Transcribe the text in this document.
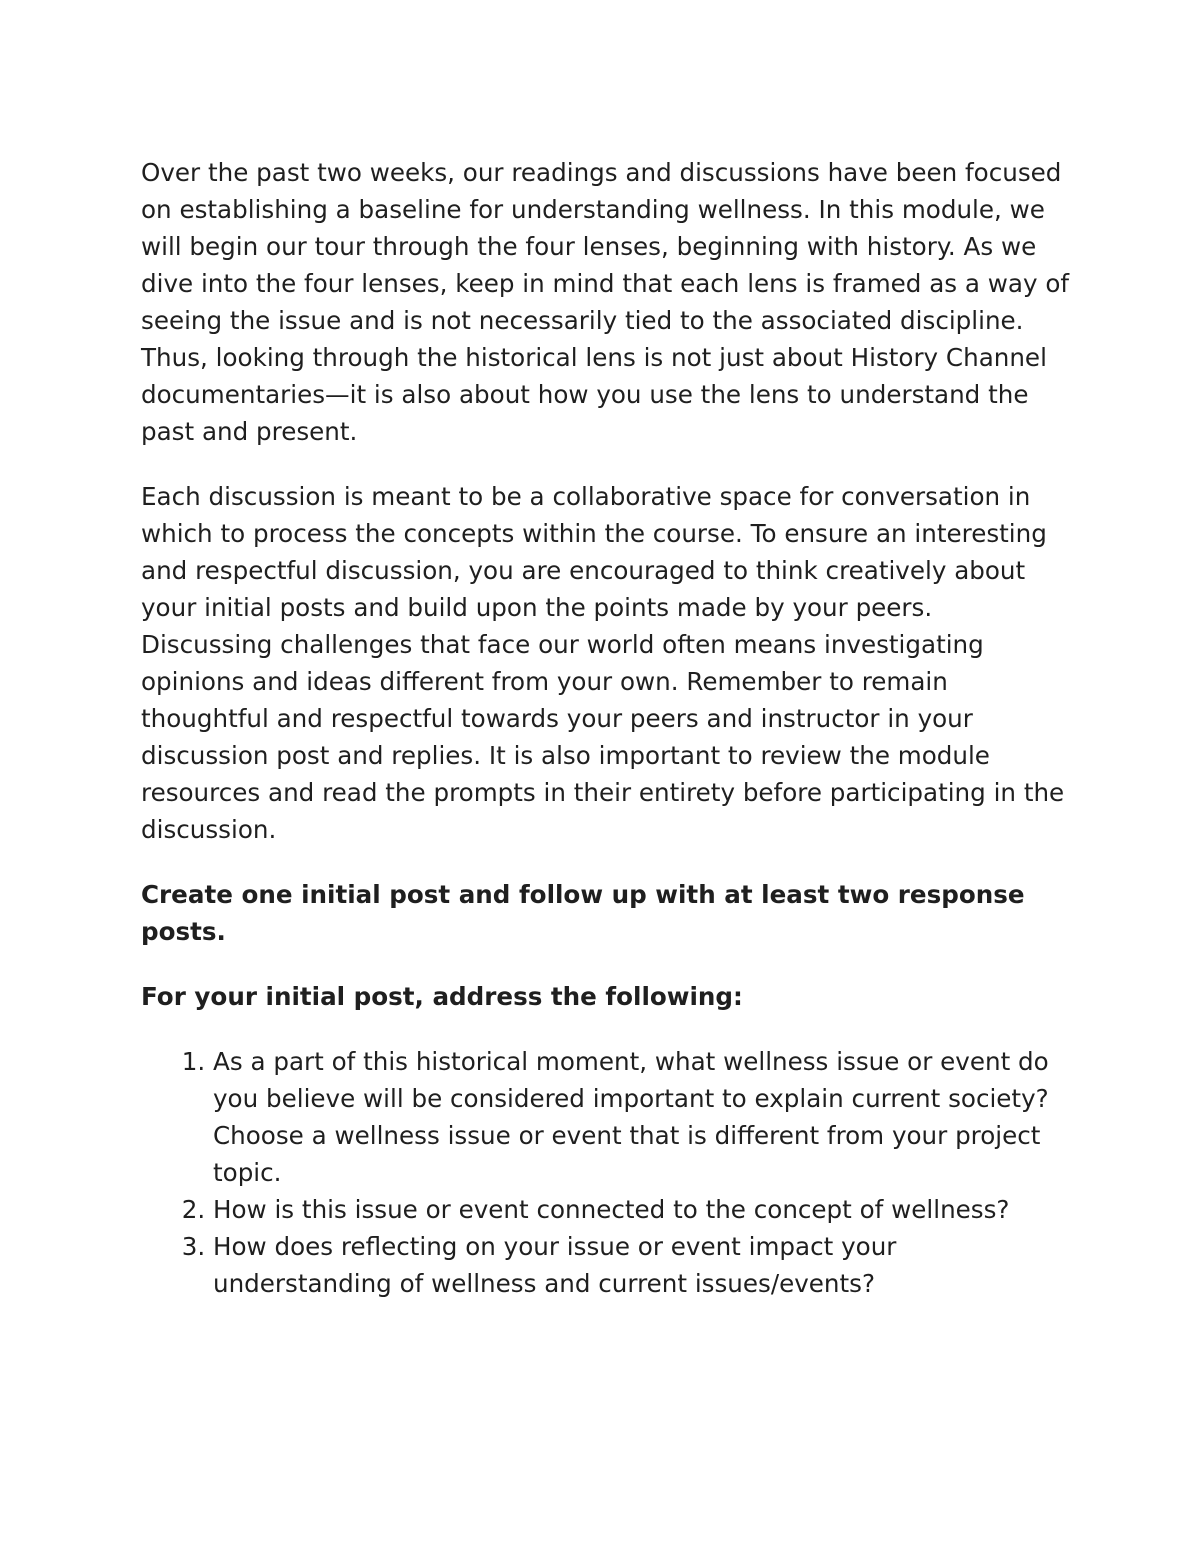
Over the past two weeks, our readings and discussions have been focused on establishing a baseline for understanding wellness. In this module, we will begin our tour through the four lenses, beginning with history. As we dive into the four lenses, keep in mind that each lens is framed as a way of seeing the issue and is not necessarily tied to the associated discipline. Thus, looking through the historical lens is not just about History Channel documentaries—it is also about how you use the lens to understand the past and present.

Each discussion is meant to be a collaborative space for conversation in which to process the concepts within the course. To ensure an interesting and respectful discussion, you are encouraged to think creatively about your initial posts and build upon the points made by your peers. Discussing challenges that face our world often means investigating opinions and ideas different from your own. Remember to remain thoughtful and respectful towards your peers and instructor in your discussion post and replies. It is also important to review the module resources and read the prompts in their entirety before participating in the discussion.

Create one initial post and follow up with at least two response posts.

For your initial post, address the following:

1. As a part of this historical moment, what wellness issue or event do you believe will be considered important to explain current society? Choose a wellness issue or event that is different from your project topic.
2. How is this issue or event connected to the concept of wellness?
3. How does reflecting on your issue or event impact your understanding of wellness and current issues/events?
